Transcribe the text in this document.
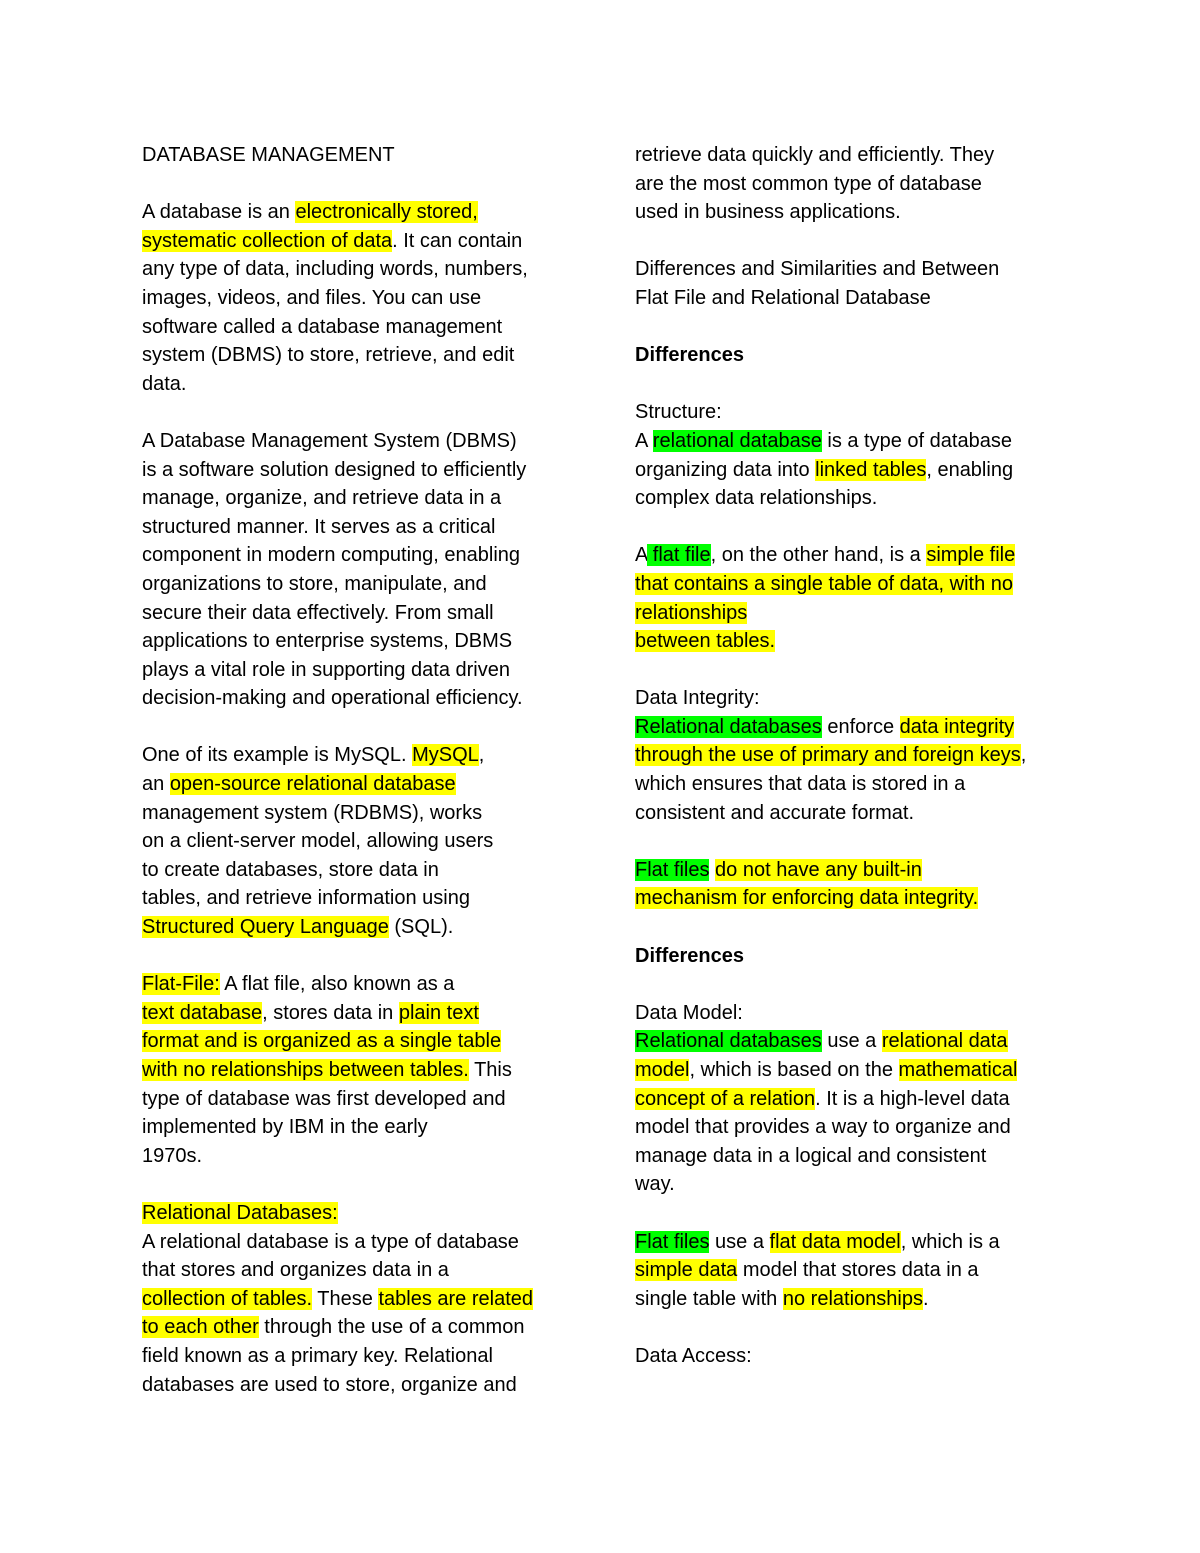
DATABASE MANAGEMENT
A database is an electronically stored,
systematic collection of data. It can contain
any type of data, including words, numbers,
images, videos, and files. You can use
software called a database management
system (DBMS) to store, retrieve, and edit
data.
A Database Management System (DBMS)
is a software solution designed to efficiently
manage, organize, and retrieve data in a
structured manner. It serves as a critical
component in modern computing, enabling
organizations to store, manipulate, and
secure their data effectively. From small
applications to enterprise systems, DBMS
plays a vital role in supporting data driven
decision-making and operational efficiency.
One of its example is MySQL. MySQL,
an open-source relational database
management system (RDBMS), works
on a client-server model, allowing users
to create databases, store data in
tables, and retrieve information using
Structured Query Language (SQL).
Flat-File: A flat file, also known as a
text database, stores data in plain text
format and is organized as a single table
with no relationships between tables. This
type of database was first developed and
implemented by IBM in the early
1970s.
Relational Databases:
A relational database is a type of database
that stores and organizes data in a
collection of tables. These tables are related
to each other through the use of a common
field known as a primary key. Relational
databases are used to store, organize and
retrieve data quickly and efficiently. They
are the most common type of database
used in business applications.
Differences and Similarities and Between
Flat File and Relational Database
Differences
Structure:
A relational database is a type of database
organizing data into linked tables, enabling
complex data relationships.
A flat file, on the other hand, is a simple file
that contains a single table of data, with no
relationships
between tables.
Data Integrity:
Relational databases enforce data integrity
through the use of primary and foreign keys,
which ensures that data is stored in a
consistent and accurate format.
Flat files do not have any built-in
mechanism for enforcing data integrity.
Differences
Data Model:
Relational databases use a relational data
model, which is based on the mathematical
concept of a relation. It is a high-level data
model that provides a way to organize and
manage data in a logical and consistent
way.
Flat files use a flat data model, which is a
simple data model that stores data in a
single table with no relationships.
Data Access:
